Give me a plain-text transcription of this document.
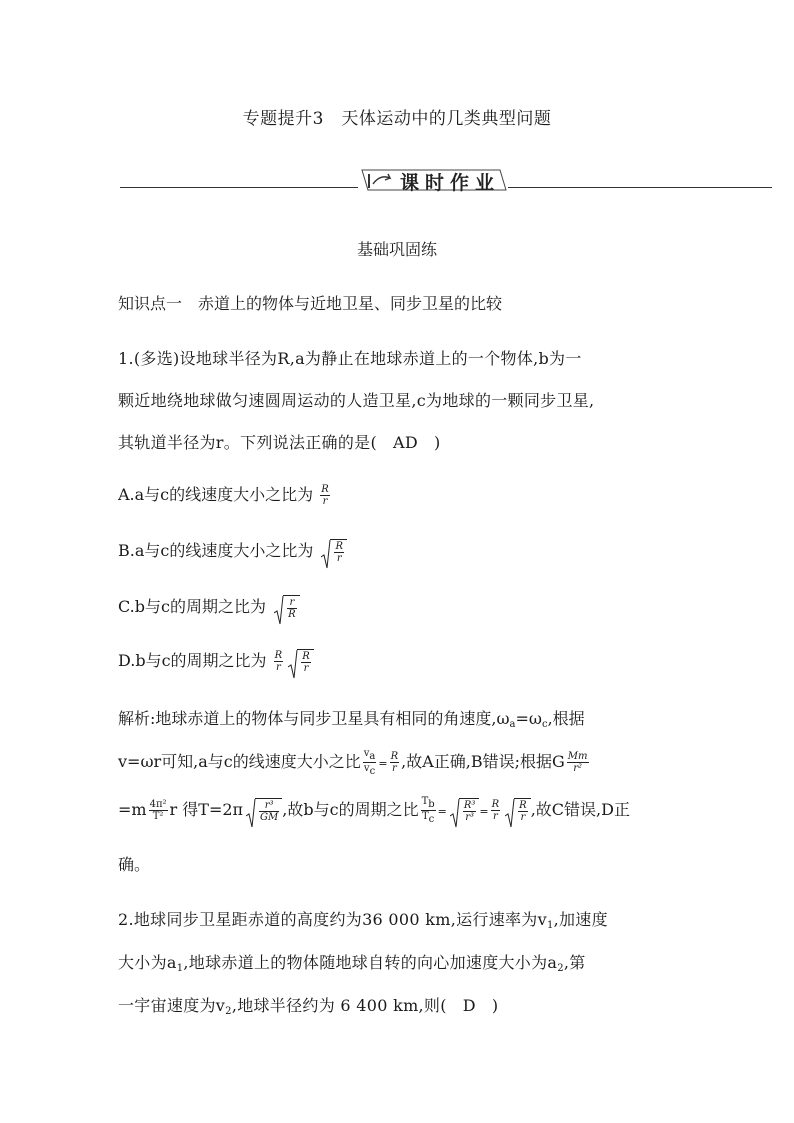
专题提升3　天体运动中的几类典型问题
课时作业
基础巩固练
知识点一　赤道上的物体与近地卫星、同步卫星的比较
1.(多选)设地球半径为R,a为静止在地球赤道上的一个物体,b为一
颗近地绕地球做匀速圆周运动的人造卫星,c为地球的一颗同步卫星,
其轨道半径为r。下列说法正确的是( AD )
A.a与c的线速度大小之比为 $\frac{R}{r}$
B.a与c的线速度大小之比为 $\frac{R}{r}$
C.b与c的周期之比为 $\frac{r}{R}$
D.b与c的周期之比为 $\frac{R}{r} \frac{R}{r}$
解析:地球赤道上的物体与同步卫星具有相同的角速度$,\omega_a=\omega_c$,根据
v=ωr可知,a与c的线速度大小之比 $\frac{va}{vc} = \frac{R}{r}$ ,故A正确,B错误;根据G $\frac{Mm}{\text{r²}}$
$=m \frac{\text{4π²}}{\text{T²}}$ r 得$T=2\pi \frac{\text{r³}}{GM}$ ,故b与c的周期之比 $\frac{Tb}{Tc} = \frac{\text{R³}}{\text{r³}} = \frac{R}{r} \frac{R}{r}$ ,故C错误,D正
确。
2.地球同步卫星距赤道的高度约为36 000 km,运行速率为$v_1$,加速度
大小为$a_1$,地球赤道上的物体随地球自转的向心加速度大小为$a_2$,第
一宇宙速度为$v_2$,地球半径约为 6 400 km,则( D )
